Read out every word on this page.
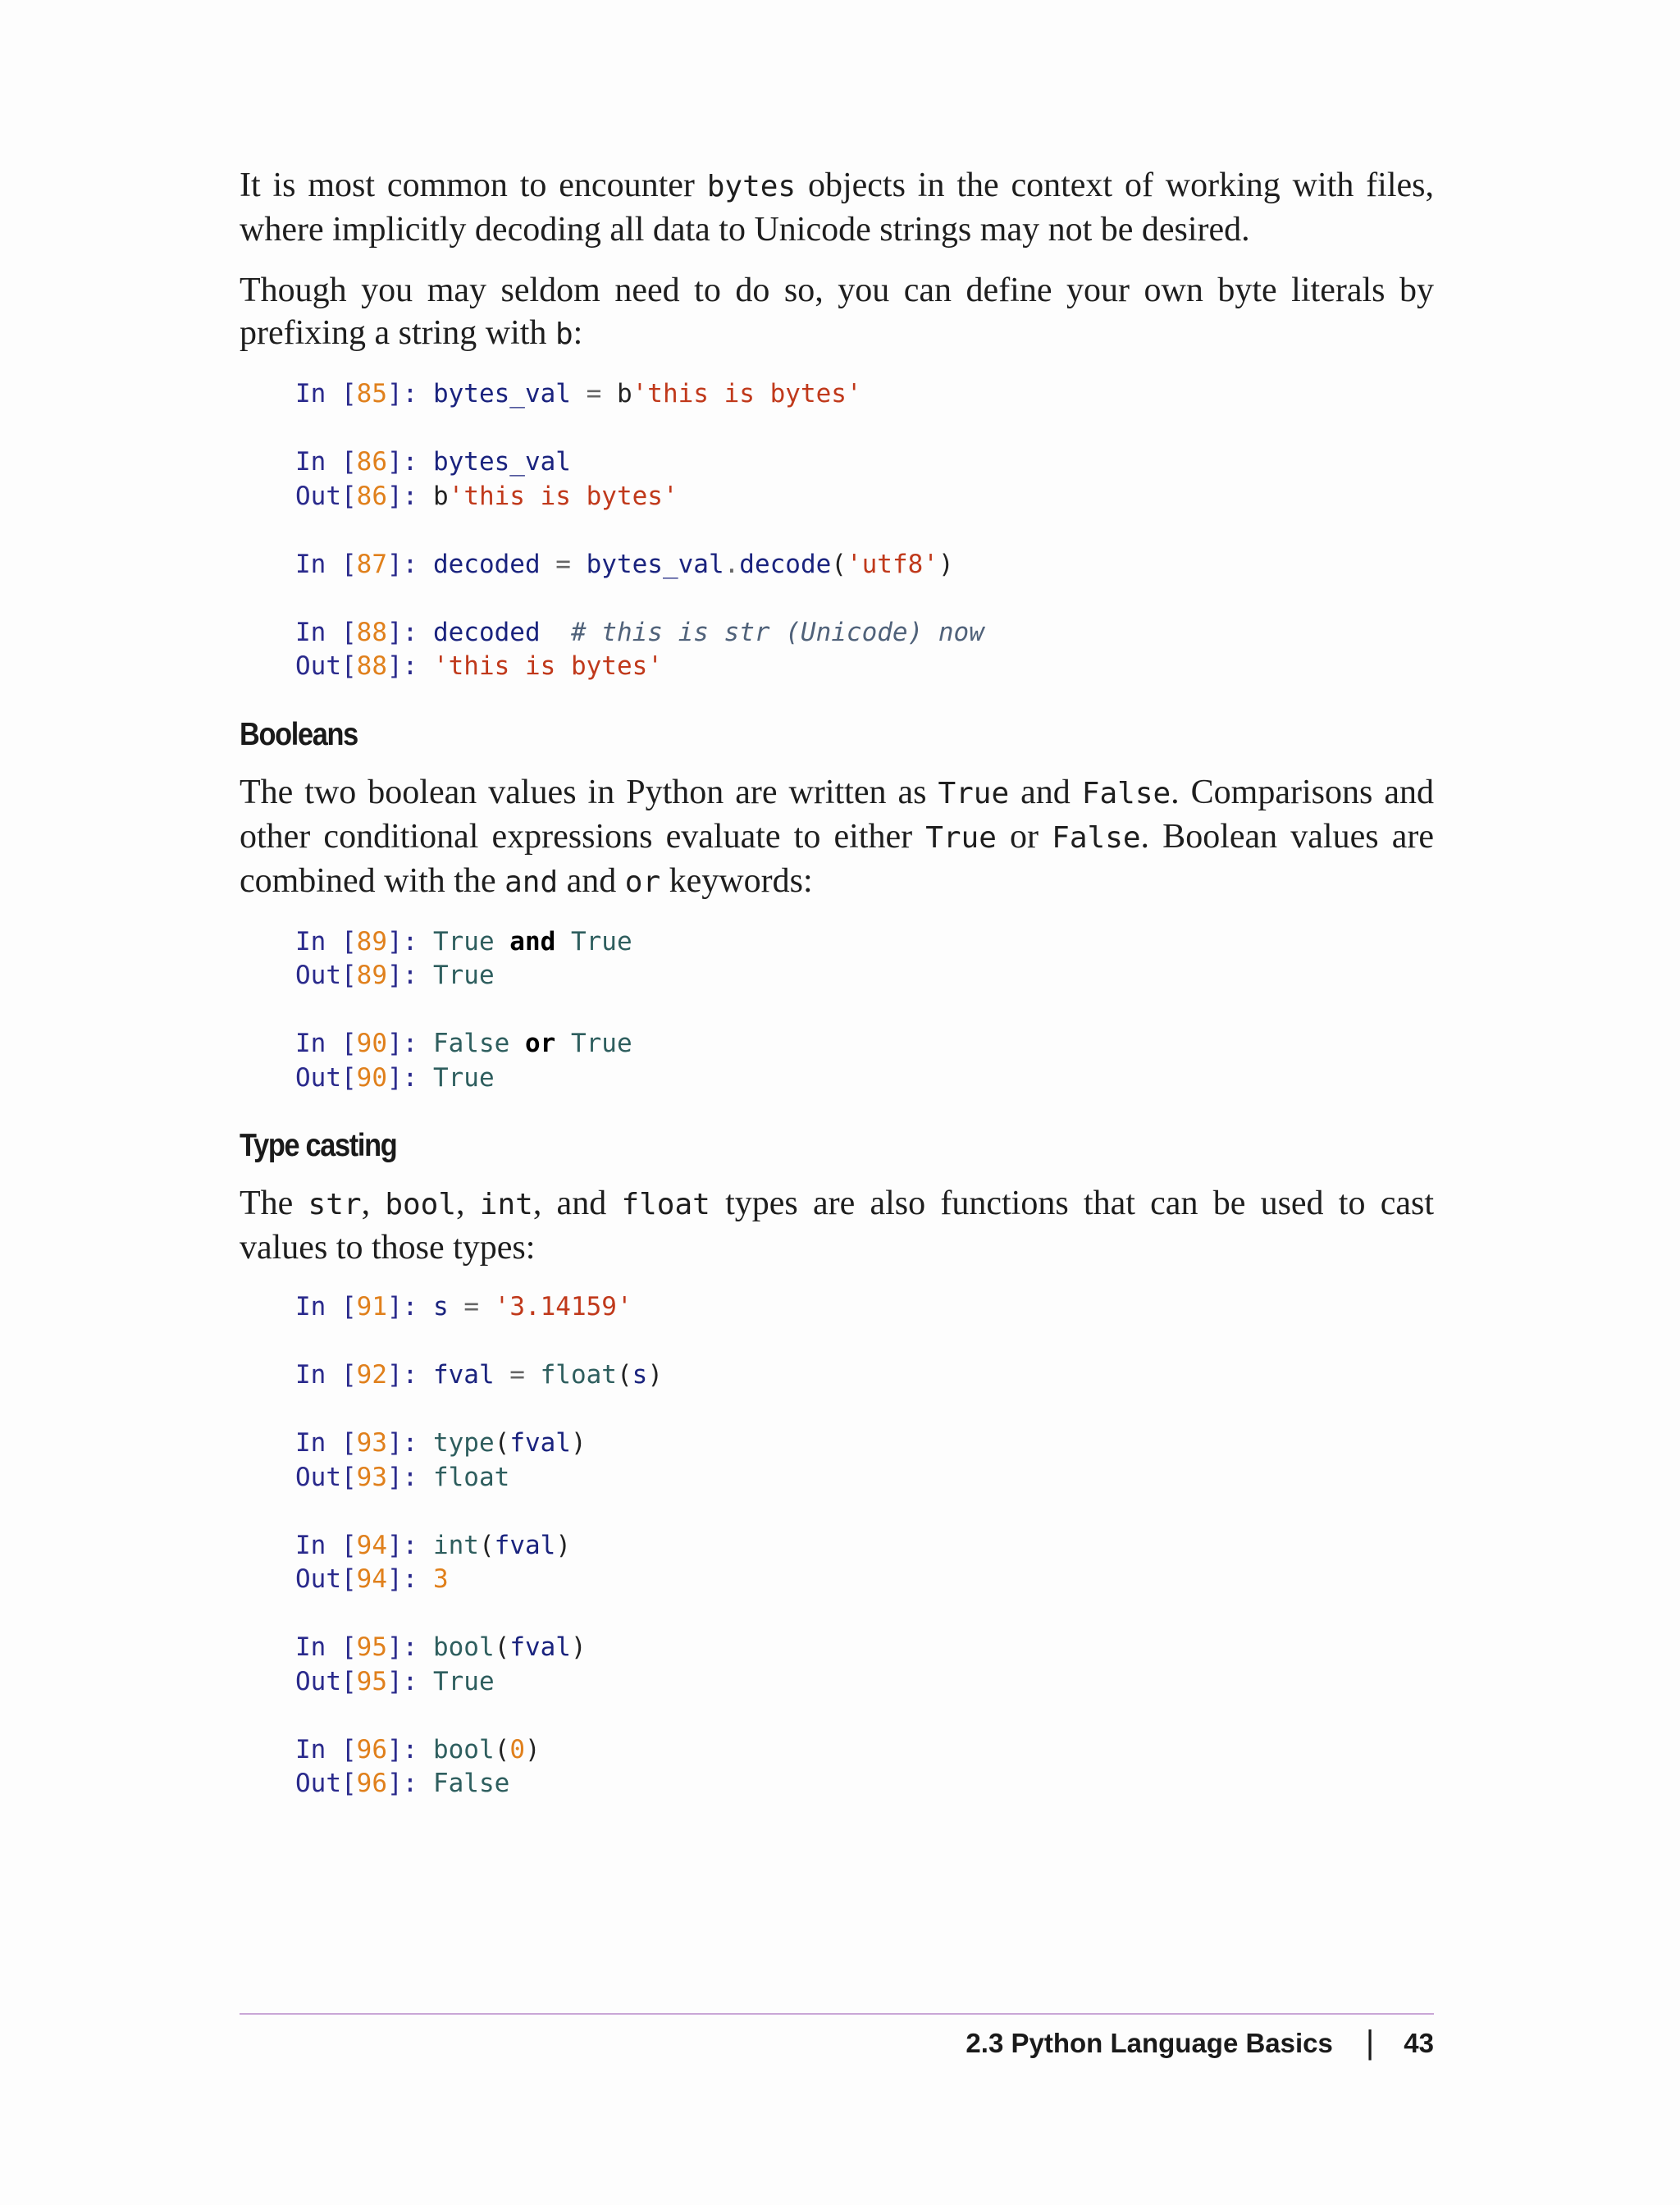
It is most common to encounter bytes objects in the context of working with files, where implicitly decoding all data to Unicode strings may not be desired.

Though you may seldom need to do so, you can define your own byte literals by prefixing a string with b:

In [85]: bytes_val = b'this is bytes'

In [86]: bytes_val
Out[86]: b'this is bytes'

In [87]: decoded = bytes_val.decode('utf8')

In [88]: decoded  # this is str (Unicode) now
Out[88]: 'this is bytes'
Booleans

The two boolean values in Python are written as True and False. Comparisons and other conditional expressions evaluate to either True or False. Boolean values are combined with the and and or keywords:

In [89]: True and True
Out[89]: True

In [90]: False or True
Out[90]: True
Type casting

The str, bool, int, and float types are also functions that can be used to cast values to those types:

In [91]: s = '3.14159'

In [92]: fval = float(s)

In [93]: type(fval)
Out[93]: float

In [94]: int(fval)
Out[94]: 3

In [95]: bool(fval)
Out[95]: True

In [96]: bool(0)
Out[96]: False
2.3 Python Language Basics | 43
